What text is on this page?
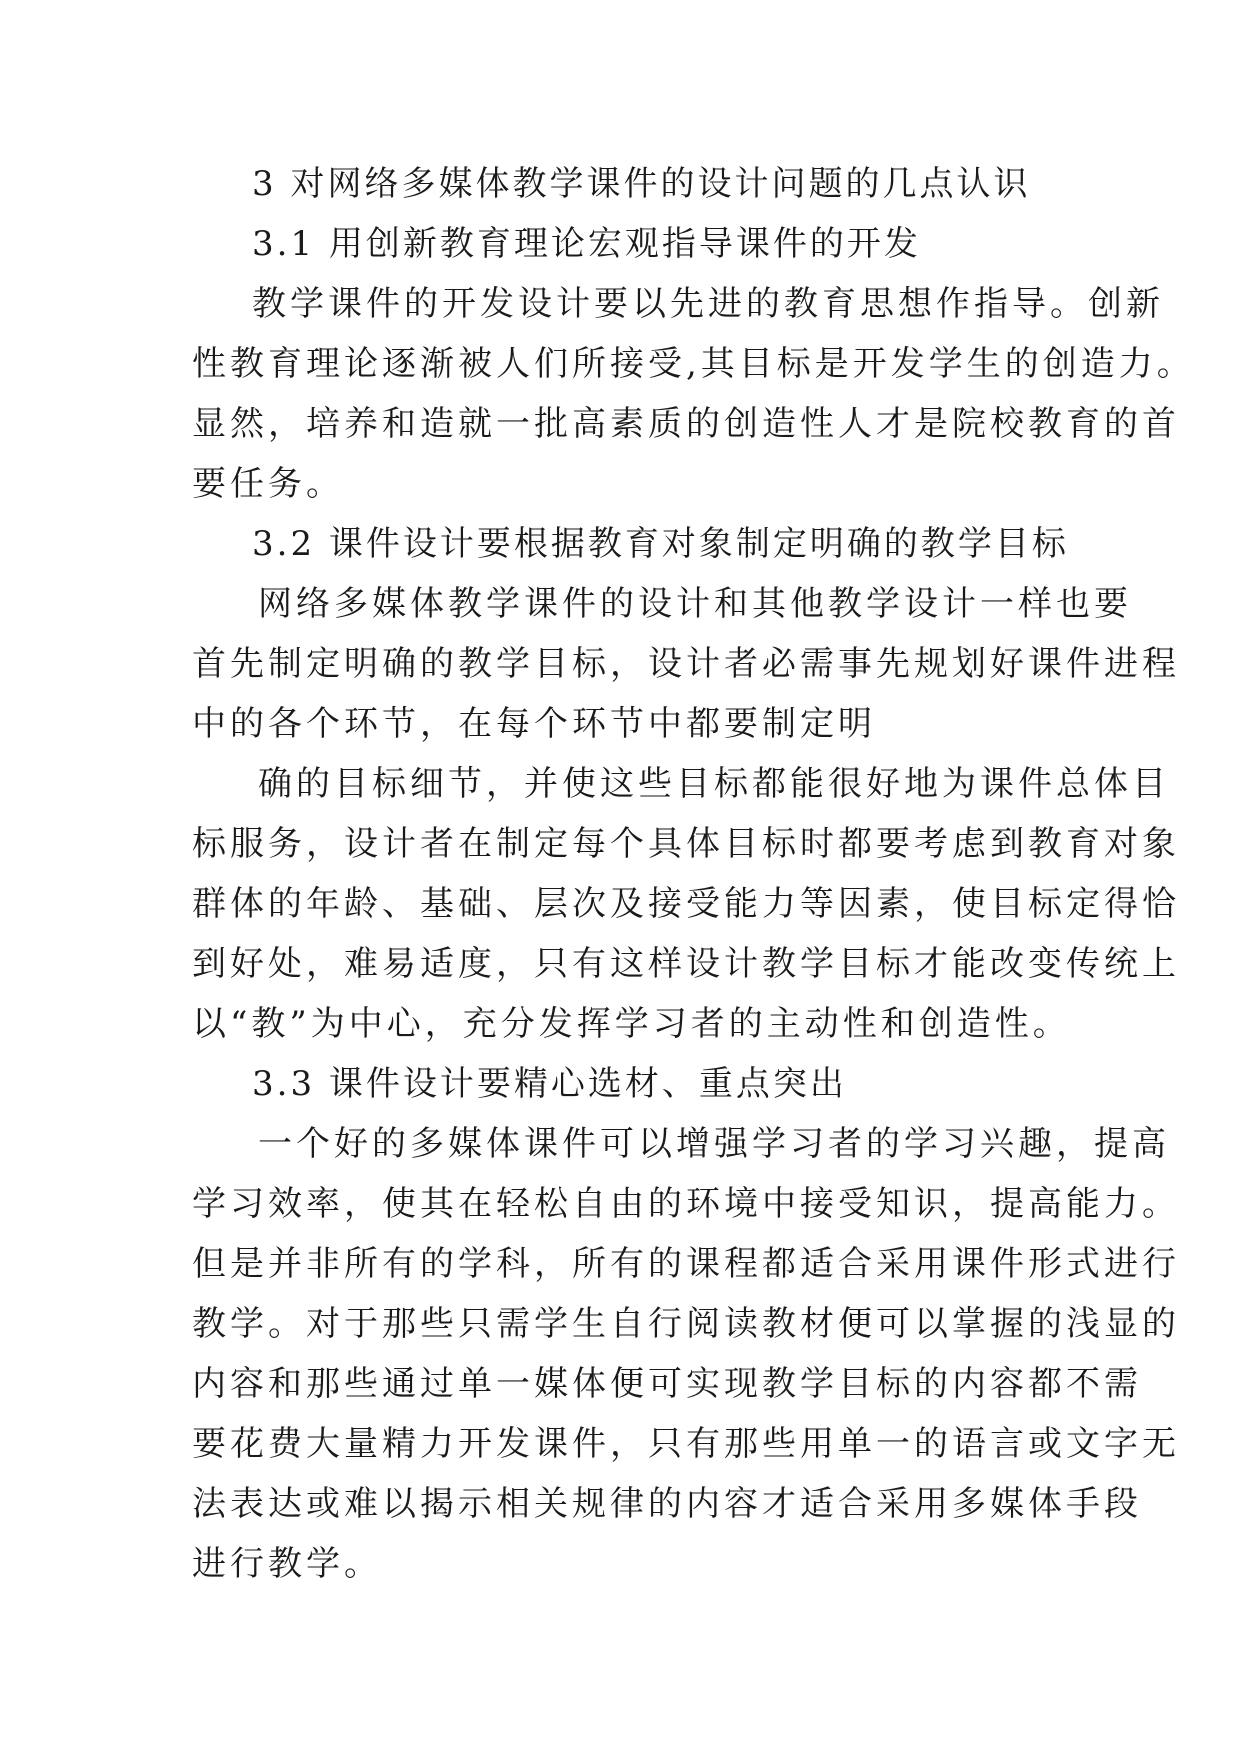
3 对网络多媒体教学课件的设计问题的几点认识
3.1 用创新教育理论宏观指导课件的开发
教学课件的开发设计要以先进的教育思想作指导。创新
性教育理论逐渐被人们所接受,其目标是开发学生的创造力。
显然，培养和造就一批高素质的创造性人才是院校教育的首
要任务。
3.2 课件设计要根据教育对象制定明确的教学目标
网络多媒体教学课件的设计和其他教学设计一样也要
首先制定明确的教学目标，设计者必需事先规划好课件进程
中的各个环节，在每个环节中都要制定明
确的目标细节，并使这些目标都能很好地为课件总体目
标服务，设计者在制定每个具体目标时都要考虑到教育对象
群体的年龄、基础、层次及接受能力等因素，使目标定得恰
到好处，难易适度，只有这样设计教学目标才能改变传统上
以“教”为中心，充分发挥学习者的主动性和创造性。
3.3 课件设计要精心选材、重点突出
一个好的多媒体课件可以增强学习者的学习兴趣，提高
学习效率，使其在轻松自由的环境中接受知识，提高能力。
但是并非所有的学科，所有的课程都适合采用课件形式进行
教学。对于那些只需学生自行阅读教材便可以掌握的浅显的
内容和那些通过单一媒体便可实现教学目标的内容都不需
要花费大量精力开发课件，只有那些用单一的语言或文字无
法表达或难以揭示相关规律的内容才适合采用多媒体手段
进行教学。
